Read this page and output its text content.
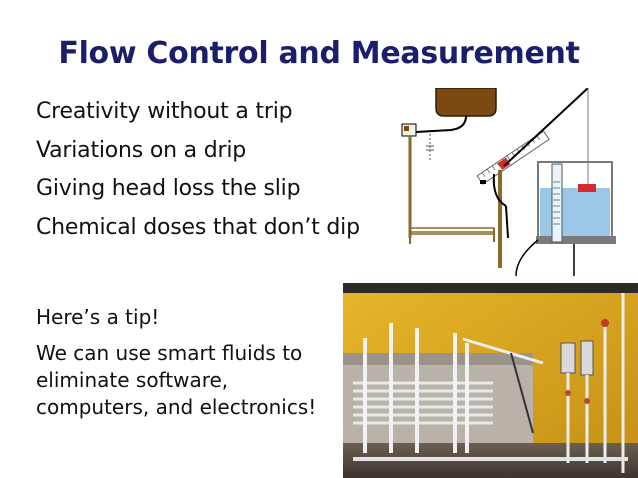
Flow Control and Measurement
Creativity without a trip
Variations on a drip
Giving head loss the slip
Chemical doses that don’t dip
Here’s a tip!
We can use smart fluids to eliminate software, computers, and electronics!
